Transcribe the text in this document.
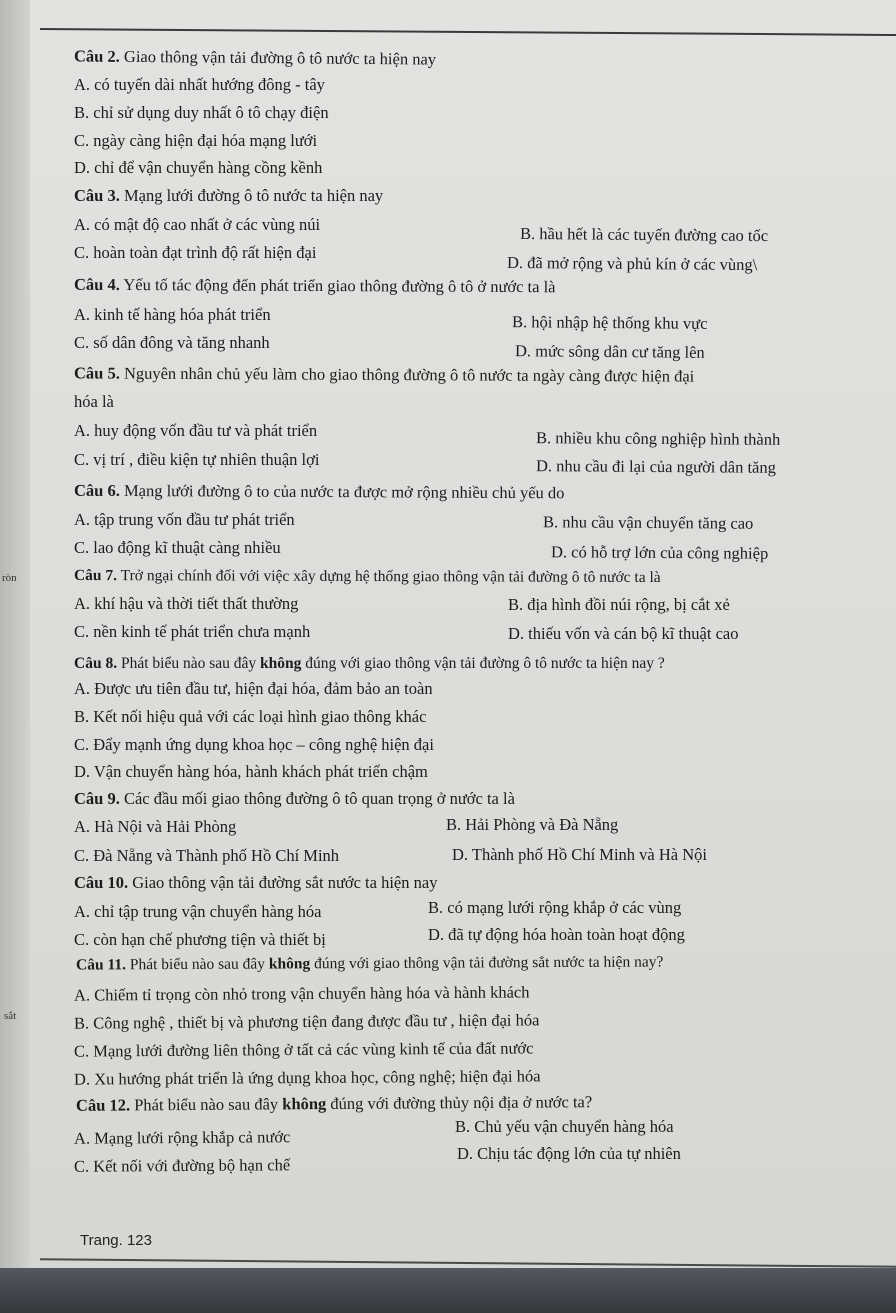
Câu 2. Giao thông vận tải đường ô tô nước ta hiện nay
A. có tuyến dài nhất hướng đông - tây
B. chỉ sử dụng duy nhất ô tô chạy điện
C. ngày càng hiện đại hóa mạng lưới
D. chỉ để vận chuyển hàng cồng kềnh
Câu 3. Mạng lưới đường ô tô nước ta hiện nay
A. có mật độ cao nhất ở các vùng núi	B. hầu hết là các tuyến đường cao tốc
C. hoàn toàn đạt trình độ rất hiện đại
D. đã mở rộng và phủ kín ở các vùng\
Câu 4. Yếu tố tác động đến phát triển giao thông đường ô tô ở nước ta là
A. kinh tế hàng hóa phát triển	B. hội nhập hệ thống khu vực
C. số dân đông và tăng nhanh	D. mức sông dân cư tăng lên
Câu 5. Nguyên nhân chủ yếu làm cho giao thông đường ô tô nước ta ngày càng được hiện đại
hóa là
A. huy động vốn đầu tư và phát triển	B. nhiều khu công nghiệp hình thành
C. vị trí , điều kiện tự nhiên thuận lợi	D. nhu cầu đi lại của người dân tăng
Câu 6. Mạng lưới đường ô to của nước ta được mở rộng nhiều chủ yếu do
A. tập trung vốn đầu tư phát triển	B. nhu cầu vận chuyển tăng cao
C. lao động kĩ thuật càng nhiều	D. có hỗ trợ lớn của công nghiệp
Câu 7. Trở ngại chính đối với việc xây dựng hệ thống giao thông vận tải đường ô tô nước ta là
A. khí hậu và thời tiết thất thường	B. địa hình đồi núi rộng, bị cắt xẻ
C. nền kinh tế phát triển chưa mạnh	D. thiếu vốn và cán bộ kĩ thuật cao
Câu 8. Phát biểu nào sau đây không đúng với giao thông vận tải đường ô tô nước ta hiện nay ?
A. Được ưu tiên đầu tư, hiện đại hóa, đảm bảo an toàn
B. Kết nối hiệu quả với các loại hình giao thông khác
C. Đẩy mạnh ứng dụng khoa học – công nghệ hiện đại
D. Vận chuyển hàng hóa, hành khách phát triển chậm
Câu 9. Các đầu mối giao thông đường ô tô quan trọng ở nước ta là
A. Hà Nội và Hải Phòng	B. Hải Phòng và Đà Nẵng
C. Đà Nẵng và Thành phố Hồ Chí Minh	D. Thành phố Hồ Chí Minh và Hà Nội
Câu 10. Giao thông vận tải đường sắt nước ta hiện nay
A. chỉ tập trung vận chuyển hàng hóa	B. có mạng lưới rộng khắp ở các vùng
C. còn hạn chế phương tiện và thiết bị	D. đã tự động hóa hoàn toàn hoạt động
Câu 11. Phát biểu nào sau đây không đúng với giao thông vận tải đường sắt nước ta hiện nay?
A. Chiếm tỉ trọng còn nhỏ trong vận chuyển hàng hóa và hành khách
B. Công nghệ , thiết bị và phương tiện đang được đầu tư , hiện đại hóa
C. Mạng lưới đường liên thông ở tất cả các vùng kinh tế của đất nước
D. Xu hướng phát triển là ứng dụng khoa học, công nghệ; hiện đại hóa
Câu 12. Phát biểu nào sau đây không đúng với đường thủy nội địa ở nước ta?
A. Mạng lưới rộng khắp cả nước
B. Chủ yếu vận chuyển hàng hóa
C. Kết nối với đường bộ hạn chế
D. Chịu tác động lớn của tự nhiên
ròn
sắt
Trang. 123
